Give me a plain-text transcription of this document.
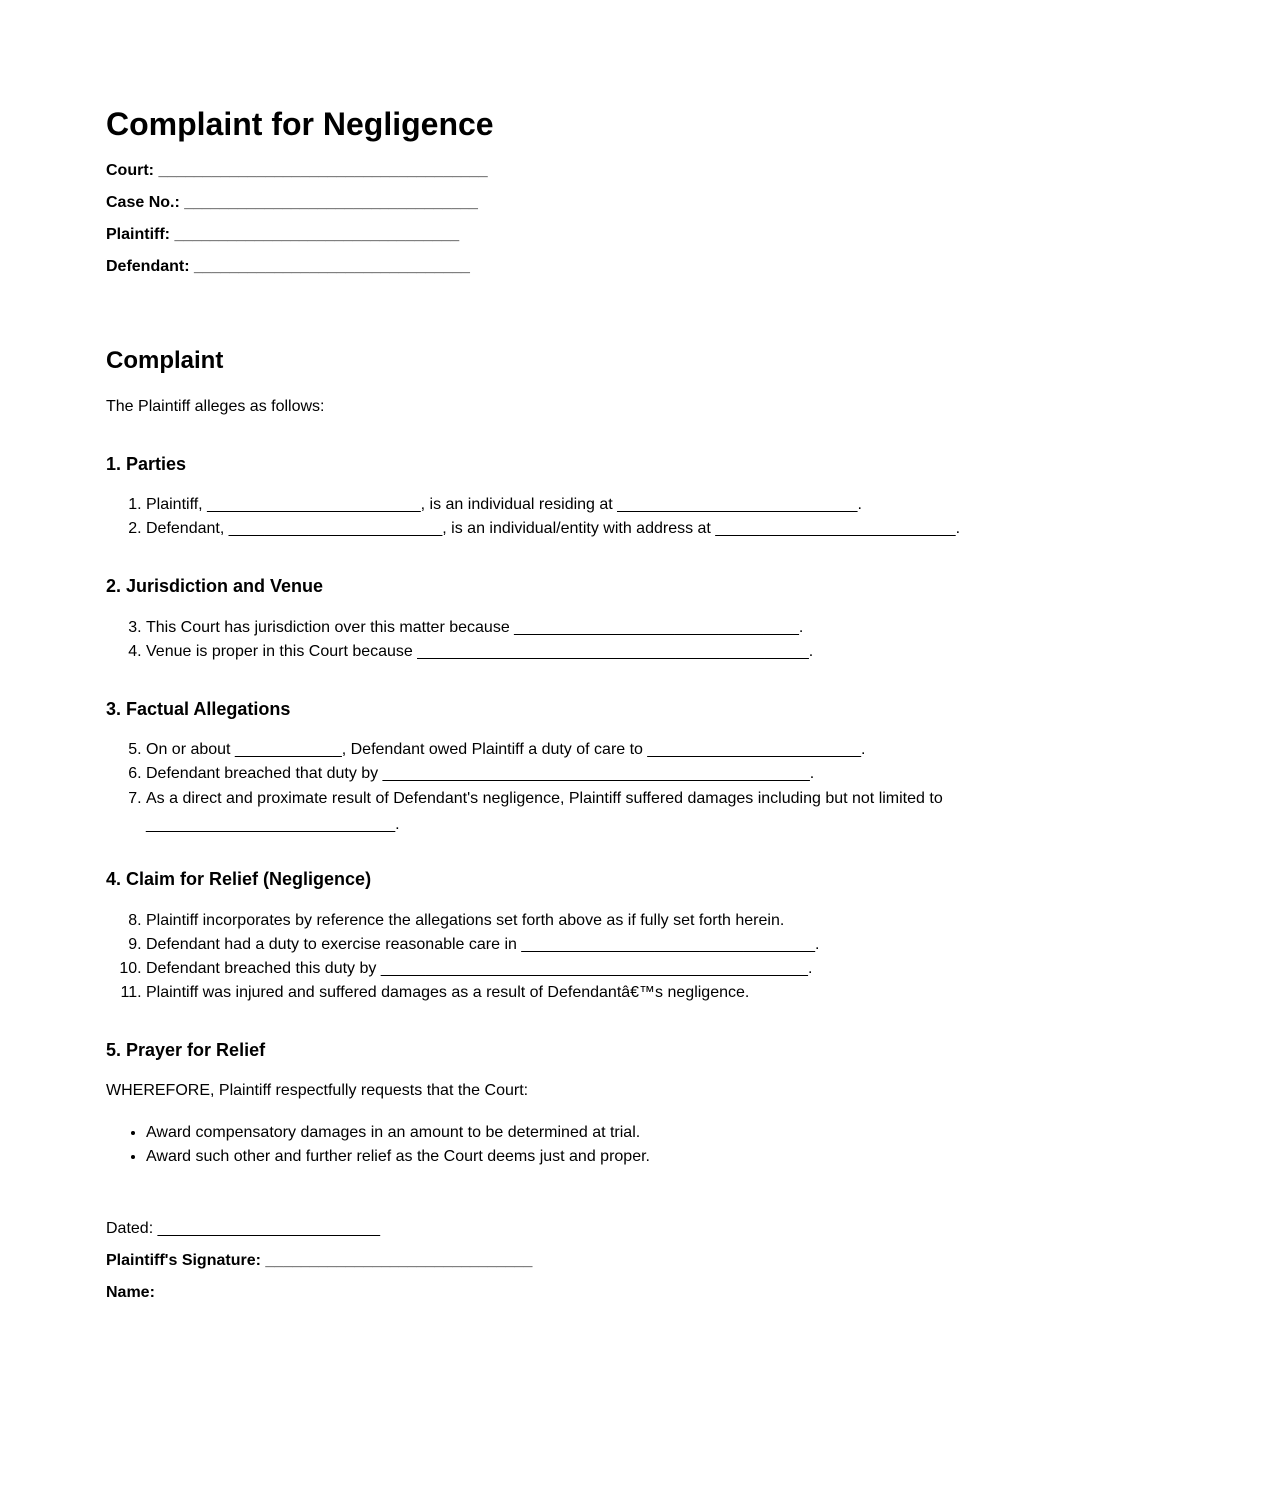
Complaint for Negligence

Court: _____________________________________

Case No.: _________________________________

Plaintiff: ________________________________

Defendant: _______________________________

Complaint

The Plaintiff alleges as follows:

1. Parties
1. Plaintiff, ________________________, is an individual residing at ___________________________.
2. Defendant, ________________________, is an individual/entity with address at ___________________________.
2. Jurisdiction and Venue
3. This Court has jurisdiction over this matter because ________________________________.
4. Venue is proper in this Court because ____________________________________________.
3. Factual Allegations
5. On or about ____________, Defendant owed Plaintiff a duty of care to ________________________.
6. Defendant breached that duty by ________________________________________________.
7. As a direct and proximate result of Defendant's negligence, Plaintiff suffered damages including but not limited to ____________________________.
4. Claim for Relief (Negligence)
8. Plaintiff incorporates by reference the allegations set forth above as if fully set forth herein.
9. Defendant had a duty to exercise reasonable care in _________________________________.
10. Defendant breached this duty by ________________________________________________.
11. Plaintiff was injured and suffered damages as a result of Defendantâ€™s negligence.
5. Prayer for Relief

WHEREFORE, Plaintiff respectfully requests that the Court:

• Award compensatory damages in an amount to be determined at trial.
• Award such other and further relief as the Court deems just and proper.

Dated: _________________________

Plaintiff's Signature: ______________________________

Name:
